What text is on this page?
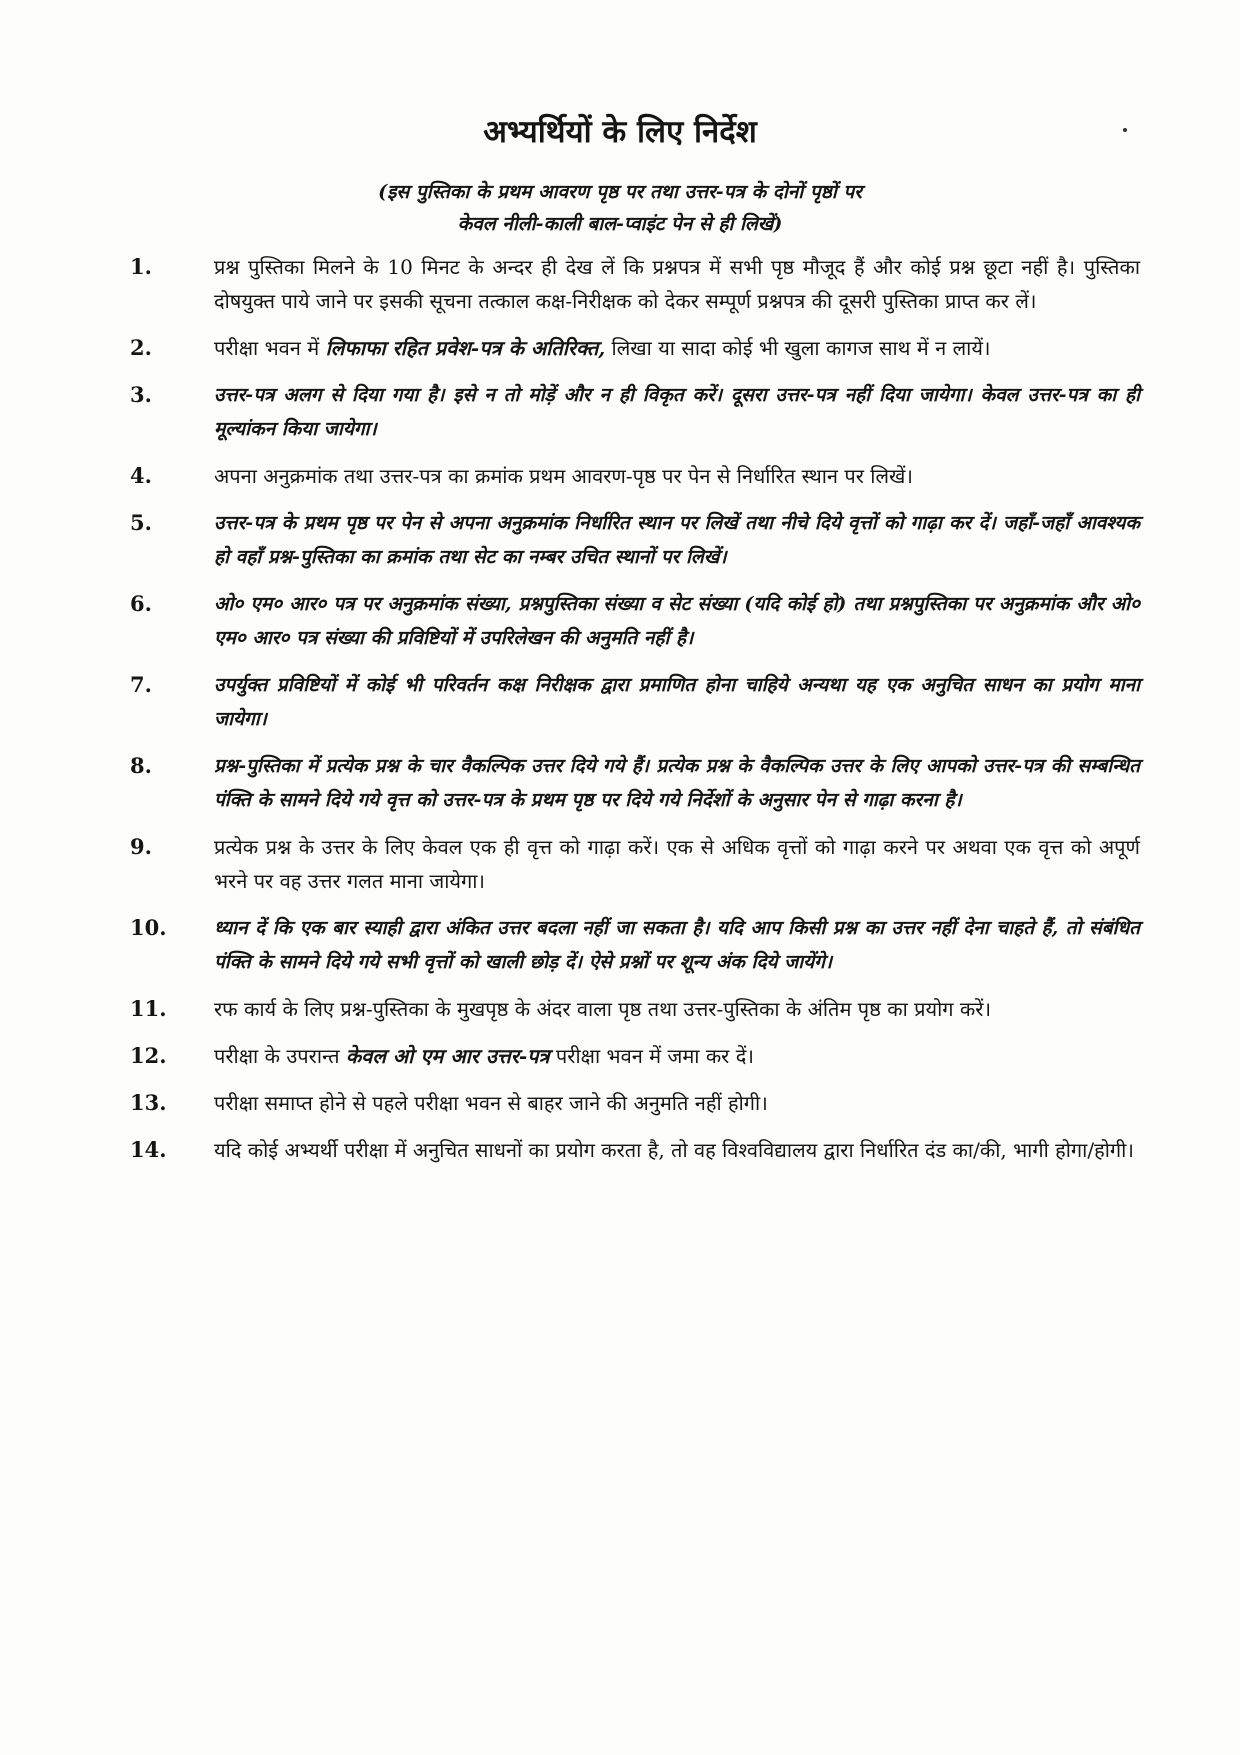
अभ्यर्थियों के लिए निर्देश
(इस पुस्तिका के प्रथम आवरण पृष्ठ पर तथा उत्तर-पत्र के दोनों पृष्ठों पर
केवल नीली-काली बाल-प्वाइंट पेन से ही लिखें)
1.	प्रश्न पुस्तिका मिलने के 10 मिनट के अन्दर ही देख लें कि प्रश्नपत्र में सभी पृष्ठ मौजूद हैं और कोई प्रश्न छूटा नहीं है। पुस्तिका दोषयुक्त पाये जाने पर इसकी सूचना तत्काल कक्ष-निरीक्षक को देकर सम्पूर्ण प्रश्नपत्र की दूसरी पुस्तिका प्राप्त कर लें।
2.	परीक्षा भवन में लिफाफा रहित प्रवेश-पत्र के अतिरिक्त, लिखा या सादा कोई भी खुला कागज साथ में न लायें।
3.	उत्तर-पत्र अलग से दिया गया है। इसे न तो मोड़ें और न ही विकृत करें। दूसरा उत्तर-पत्र नहीं दिया जायेगा। केवल उत्तर-पत्र का ही मूल्यांकन किया जायेगा।
4.	अपना अनुक्रमांक तथा उत्तर-पत्र का क्रमांक प्रथम आवरण-पृष्ठ पर पेन से निर्धारित स्थान पर लिखें।
5.	उत्तर-पत्र के प्रथम पृष्ठ पर पेन से अपना अनुक्रमांक निर्धारित स्थान पर लिखें तथा नीचे दिये वृत्तों को गाढ़ा कर दें। जहाँ-जहाँ आवश्यक हो वहाँ प्रश्न-पुस्तिका का क्रमांक तथा सेट का नम्बर उचित स्थानों पर लिखें।
6.	ओ० एम० आर० पत्र पर अनुक्रमांक संख्या, प्रश्नपुस्तिका संख्या व सेट संख्या (यदि कोई हो) तथा प्रश्नपुस्तिका पर अनुक्रमांक और ओ० एम० आर० पत्र संख्या की प्रविष्टियों में उपरिलेखन की अनुमति नहीं है।
7.	उपर्युक्त प्रविष्टियों में कोई भी परिवर्तन कक्ष निरीक्षक द्वारा प्रमाणित होना चाहिये अन्यथा यह एक अनुचित साधन का प्रयोग माना जायेगा।
8.	प्रश्न-पुस्तिका में प्रत्येक प्रश्न के चार वैकल्पिक उत्तर दिये गये हैं। प्रत्येक प्रश्न के वैकल्पिक उत्तर के लिए आपको उत्तर-पत्र की सम्बन्धित पंक्ति के सामने दिये गये वृत्त को उत्तर-पत्र के प्रथम पृष्ठ पर दिये गये निर्देशों के अनुसार पेन से गाढ़ा करना है।
9.	प्रत्येक प्रश्न के उत्तर के लिए केवल एक ही वृत्त को गाढ़ा करें। एक से अधिक वृत्तों को गाढ़ा करने पर अथवा एक वृत्त को अपूर्ण भरने पर वह उत्तर गलत माना जायेगा।
10.	ध्यान दें कि एक बार स्याही द्वारा अंकित उत्तर बदला नहीं जा सकता है। यदि आप किसी प्रश्न का उत्तर नहीं देना चाहते हैं, तो संबंधित पंक्ति के सामने दिये गये सभी वृत्तों को खाली छोड़ दें। ऐसे प्रश्नों पर शून्य अंक दिये जायेंगे।
11.	रफ कार्य के लिए प्रश्न-पुस्तिका के मुखपृष्ठ के अंदर वाला पृष्ठ तथा उत्तर-पुस्तिका के अंतिम पृष्ठ का प्रयोग करें।
12.	परीक्षा के उपरान्त केवल ओ एम आर उत्तर-पत्र परीक्षा भवन में जमा कर दें।
13.	परीक्षा समाप्त होने से पहले परीक्षा भवन से बाहर जाने की अनुमति नहीं होगी।
14.	यदि कोई अभ्यर्थी परीक्षा में अनुचित साधनों का प्रयोग करता है, तो वह विश्वविद्यालय द्वारा निर्धारित दंड का/की, भागी होगा/होगी।
